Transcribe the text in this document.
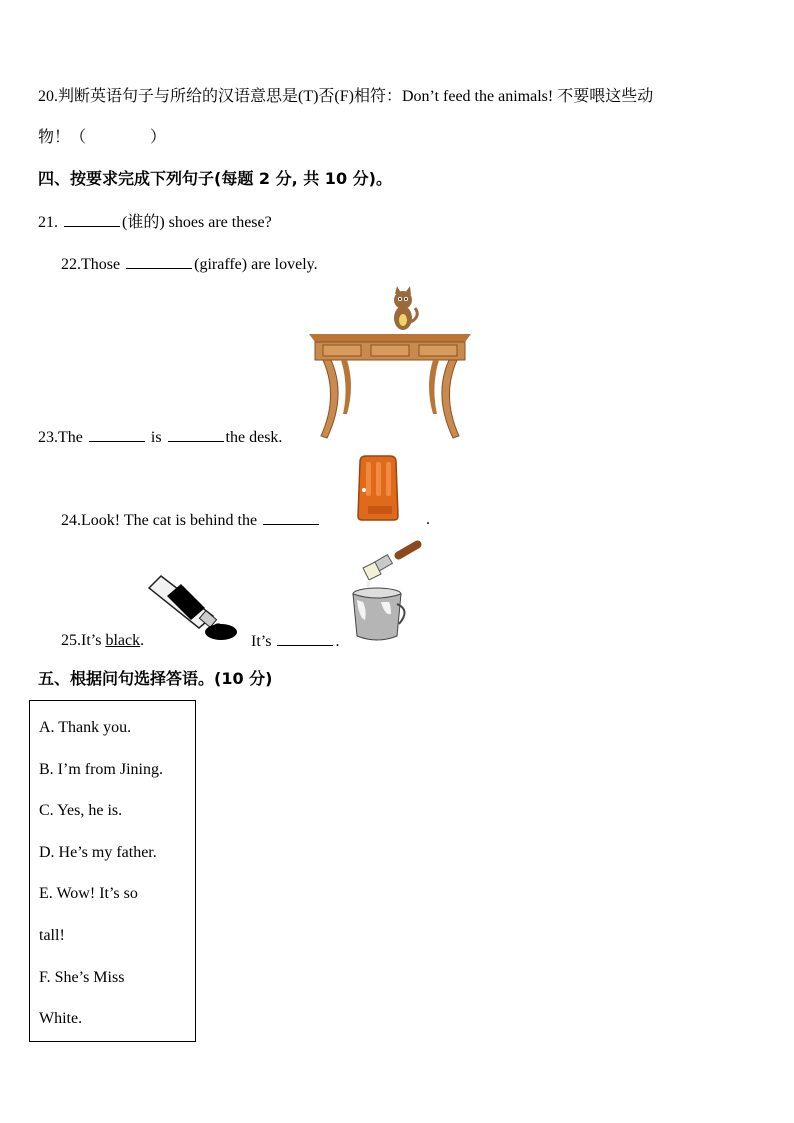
20.判断英语句子与所给的汉语意思是(T)否(F)相符：Don’t feed the animals! 不要喂这些动
物！（	）
四、按要求完成下列句子(每题 2 分, 共 10 分)。
21.	(谁的) shoes are these?
22.Those	(giraffe) are lovely.
23.The	is	the desk.
24.Look! The cat is behind the	.
25.It’s black.	It’s	.
五、根据问句选择答语。(10 分)
A. Thank you.
B. I’m from Jining.
C. Yes, he is.
D. He’s my father.
E. Wow! It’s so
tall!
F. She’s Miss
White.
